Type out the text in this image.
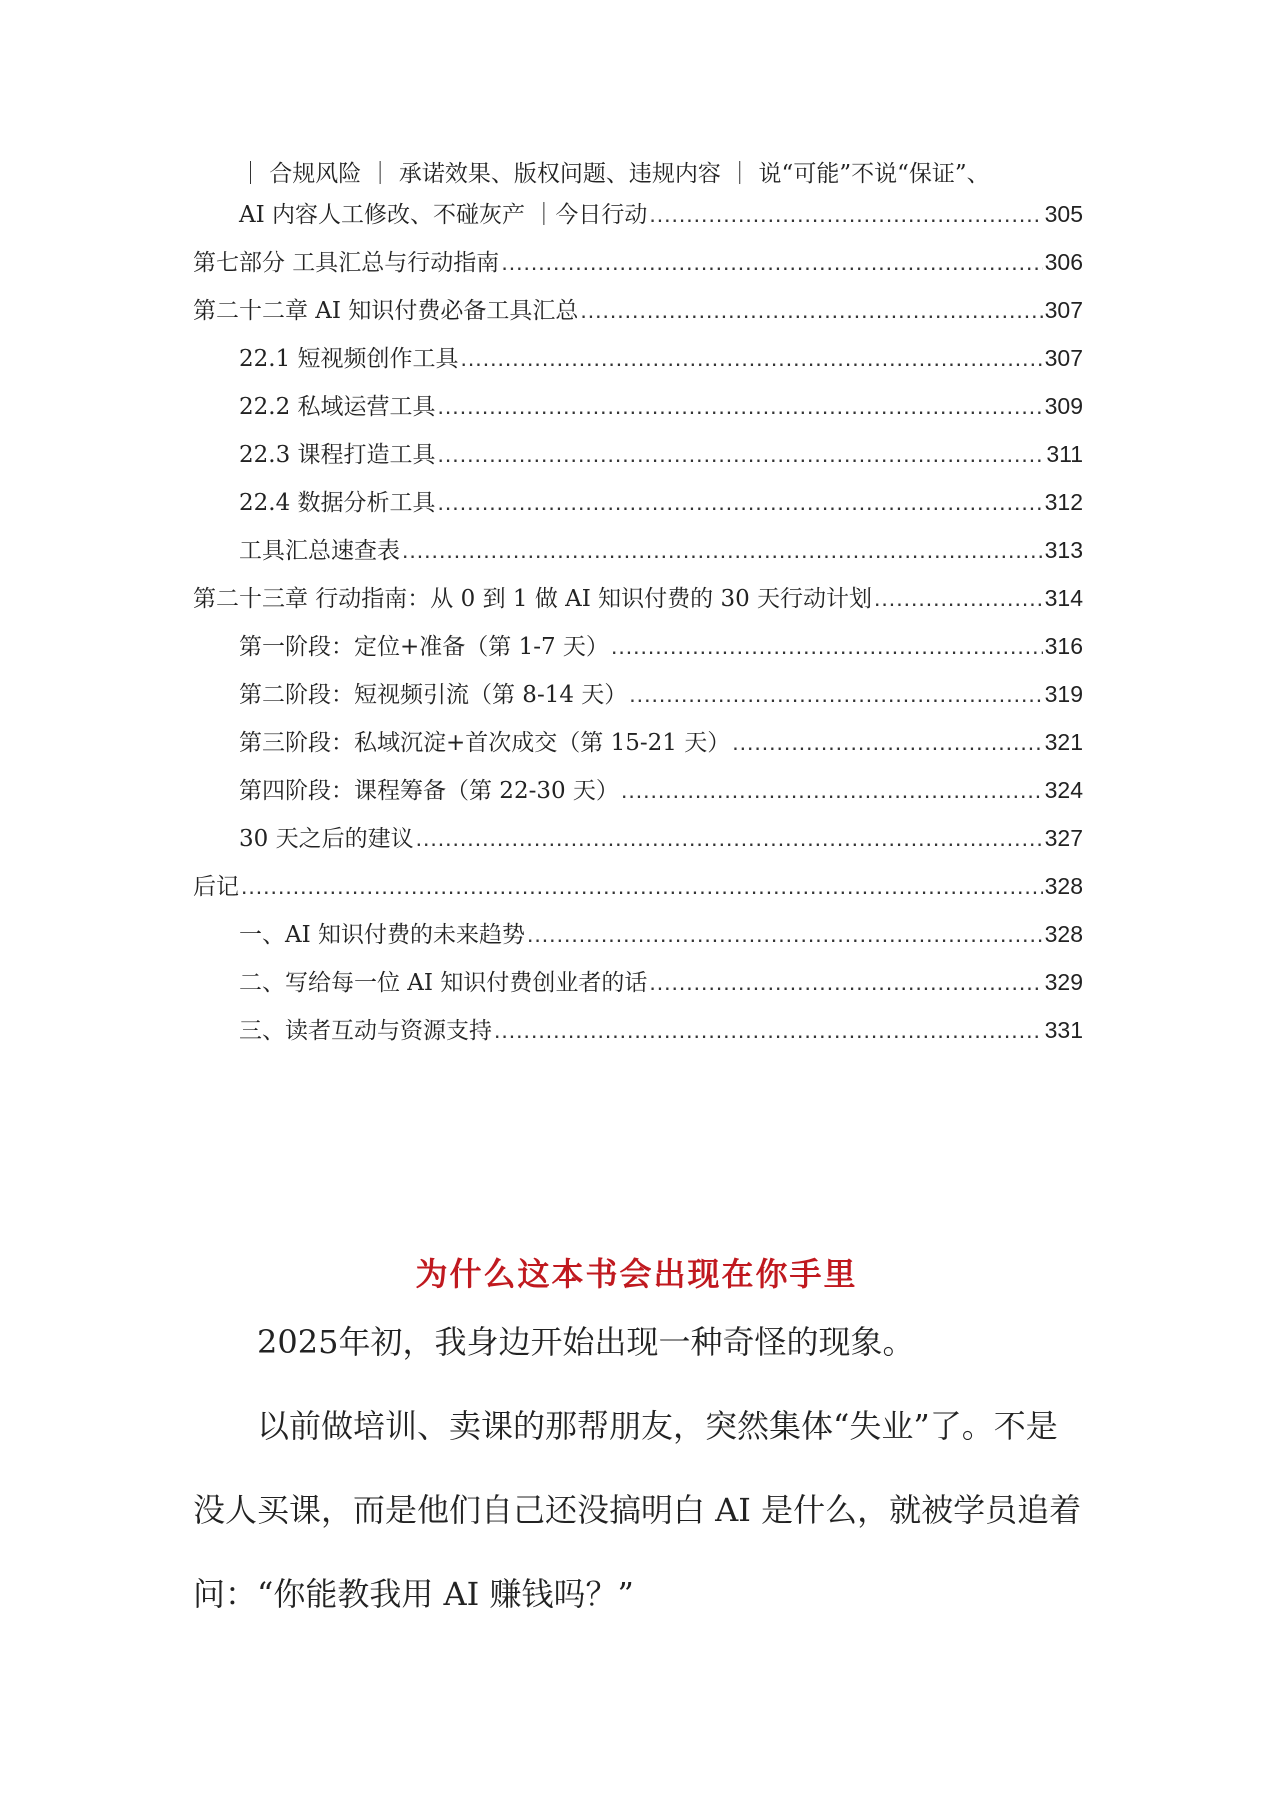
｜ 合规风险 ｜ 承诺效果、版权问题、违规内容 ｜ 说“可能”不说“保证”、
AI 内容人工修改、不碰灰产 ｜今日行动 .....	305
第七部分 工具汇总与行动指南 .....	306
第二十二章 AI 知识付费必备工具汇总 .....	307
22.1 短视频创作工具 .....	307
22.2 私域运营工具 .....	309
22.3 课程打造工具 .....	311
22.4 数据分析工具 .....	312
工具汇总速查表 .....	313
第二十三章 行动指南：从 0 到 1 做 AI 知识付费的 30 天行动计划 .....	314
第一阶段：定位+准备（第 1-7 天） .....	316
第二阶段：短视频引流（第 8-14 天） .....	319
第三阶段：私域沉淀+首次成交（第 15-21 天） .....	321
第四阶段：课程筹备（第 22-30 天） .....	324
30 天之后的建议 .....	327
后记 .....	328
一、AI 知识付费的未来趋势 .....	328
二、写给每一位 AI 知识付费创业者的话 .....	329
三、读者互动与资源支持 .....	331
为什么这本书会出现在你手里

2025年初，我身边开始出现一种奇怪的现象。

以前做培训、卖课的那帮朋友，突然集体“失业”了。不是没人买课，而是他们自己还没搞明白 AI 是什么，就被学员追着问：“你能教我用 AI 赚钱吗？”
